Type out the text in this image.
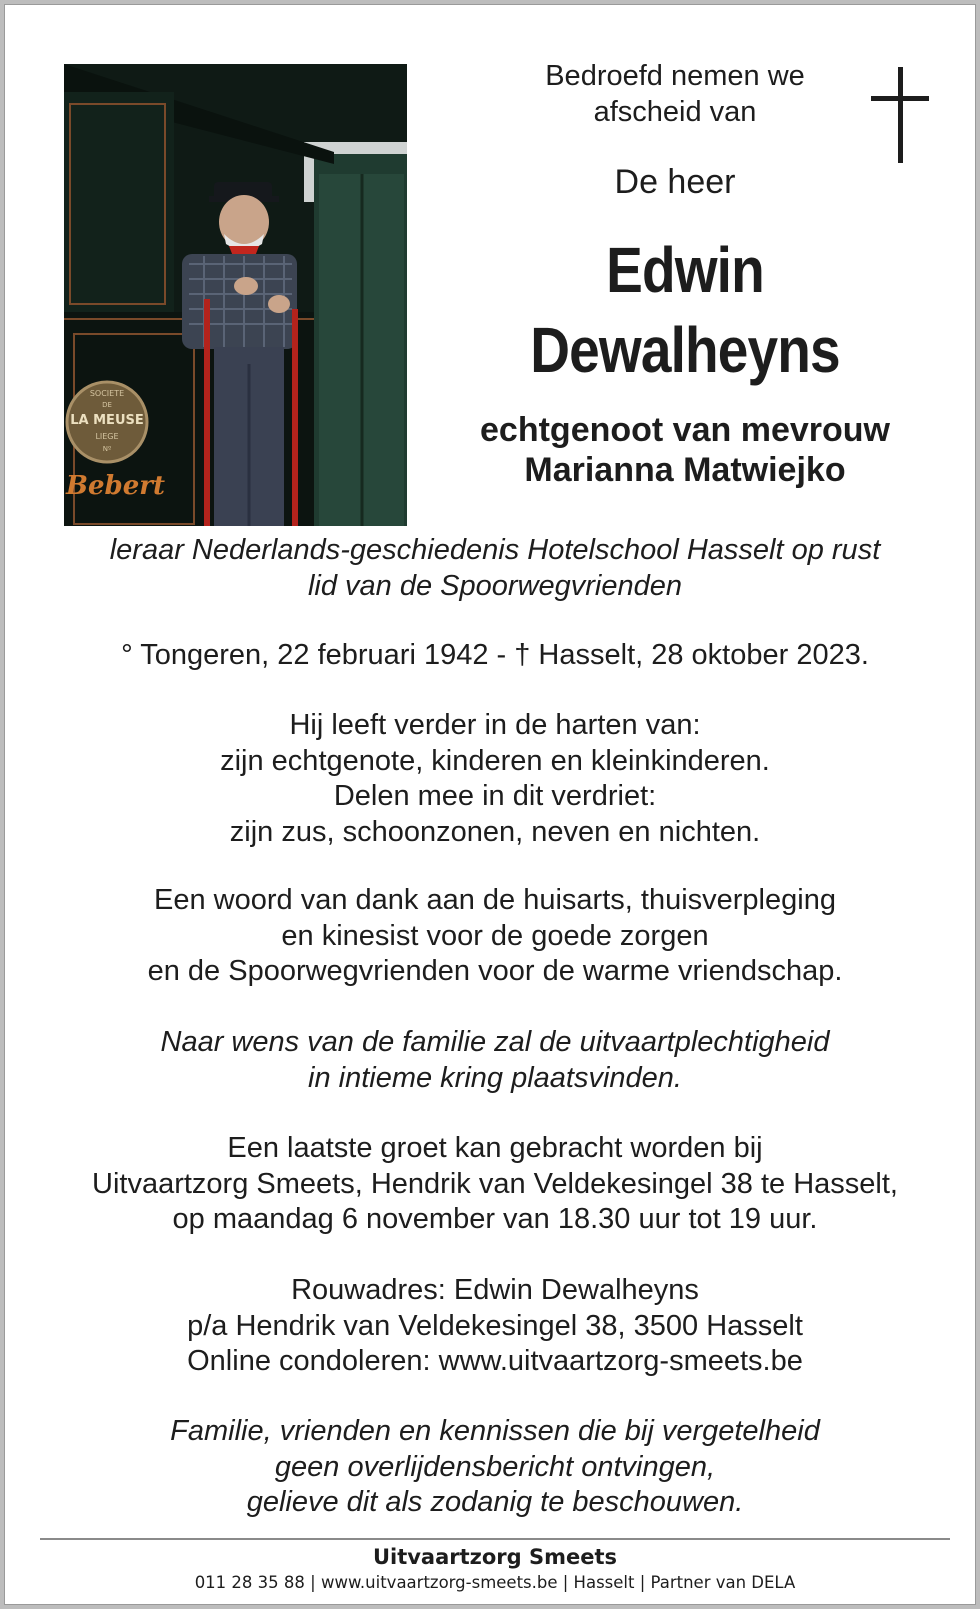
SOCIETE
DE
LA MEUSE
LIEGE
Nº
Bebert
Bedroefd nemen we
afscheid van
De heer
Edwin
Dewalheyns
echtgenoot van mevrouw
Marianna Matwiejko
leraar Nederlands-geschiedenis Hotelschool Hasselt op rust
lid van de Spoorwegvrienden
° Tongeren, 22 februari 1942 - † Hasselt, 28 oktober 2023.
Hij leeft verder in de harten van:
zijn echtgenote, kinderen en kleinkinderen.
Delen mee in dit verdriet:
zijn zus, schoonzonen, neven en nichten.
Een woord van dank aan de huisarts, thuisverpleging
en kinesist voor de goede zorgen
en de Spoorwegvrienden voor de warme vriendschap.
Naar wens van de familie zal de uitvaartplechtigheid
in intieme kring plaatsvinden.
Een laatste groet kan gebracht worden bij
Uitvaartzorg Smeets, Hendrik van Veldekesingel 38 te Hasselt,
op maandag 6 november van 18.30 uur tot 19 uur.
Rouwadres: Edwin Dewalheyns
p/a Hendrik van Veldekesingel 38, 3500 Hasselt
Online condoleren: www.uitvaartzorg-smeets.be
Familie, vrienden en kennissen die bij vergetelheid
geen overlijdensbericht ontvingen,
gelieve dit als zodanig te beschouwen.
Uitvaartzorg Smeets
011 28 35 88 | www.uitvaartzorg-smeets.be | Hasselt | Partner van DELA
